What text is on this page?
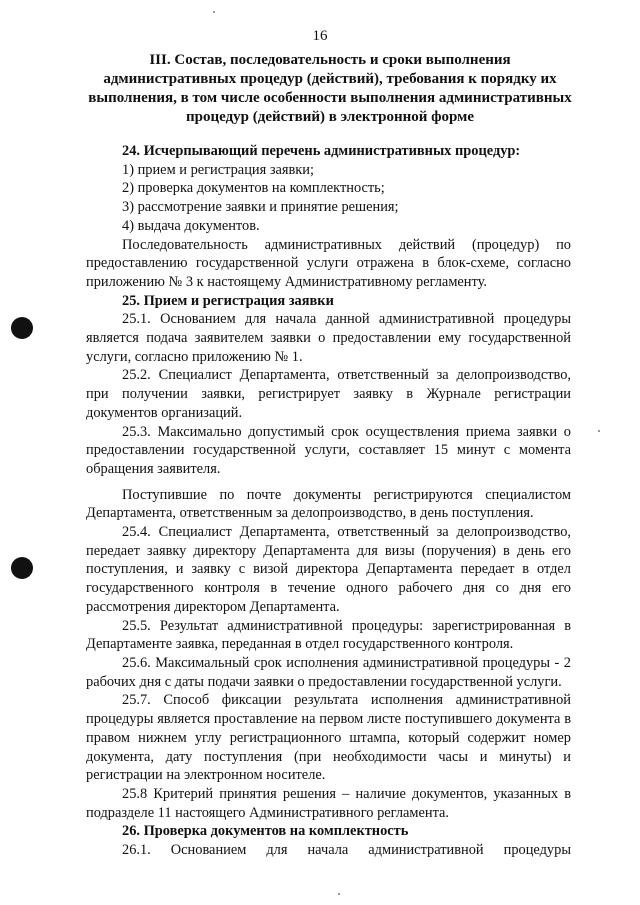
16
III. Состав, последовательность и сроки выполнения административных процедур (действий), требования к порядку их выполнения, в том числе особенности выполнения административных процедур (действий) в электронной форме

24. Исчерпывающий перечень административных процедур:

1) прием и регистрация заявки;

2) проверка документов на комплектность;

3) рассмотрение заявки и принятие решения;

4) выдача документов.

Последовательность административных действий (процедур) по предоставлению государственной услуги отражена в блок-схеме, согласно приложению № 3 к настоящему Административному регламенту.

25. Прием и регистрация заявки

25.1. Основанием для начала данной административной процедуры является подача заявителем заявки о предоставлении ему государственной услуги, согласно приложению № 1.

25.2. Специалист Департамента, ответственный за делопроизводство, при получении заявки, регистрирует заявку в Журнале регистрации документов организаций.

25.3. Максимально допустимый срок осуществления приема заявки о предоставлении государственной услуги, составляет 15 минут с момента обращения заявителя.

Поступившие по почте документы регистрируются специалистом Департамента, ответственным за делопроизводство, в день поступления.

25.4. Специалист Департамента, ответственный за делопроизводство, передает заявку директору Департамента для визы (поручения) в день его поступления, и заявку с визой директора Департамента передает в отдел государственного контроля в течение одного рабочего дня со дня его рассмотрения директором Департамента.

25.5. Результат административной процедуры: зарегистрированная в Департаменте заявка, переданная в отдел государственного контроля.

25.6. Максимальный срок исполнения административной процедуры - 2 рабочих дня с даты подачи заявки о предоставлении государственной услуги.

25.7. Способ фиксации результата исполнения административной процедуры является проставление на первом листе поступившего документа в правом нижнем углу регистрационного штампа, который содержит номер документа, дату поступления (при необходимости часы и минуты) и регистрации на электронном носителе.

25.8 Критерий принятия решения – наличие документов, указанных в подразделе 11 настоящего Административного регламента.

26. Проверка документов на комплектность

26.1. Основанием для начала административной процедуры
